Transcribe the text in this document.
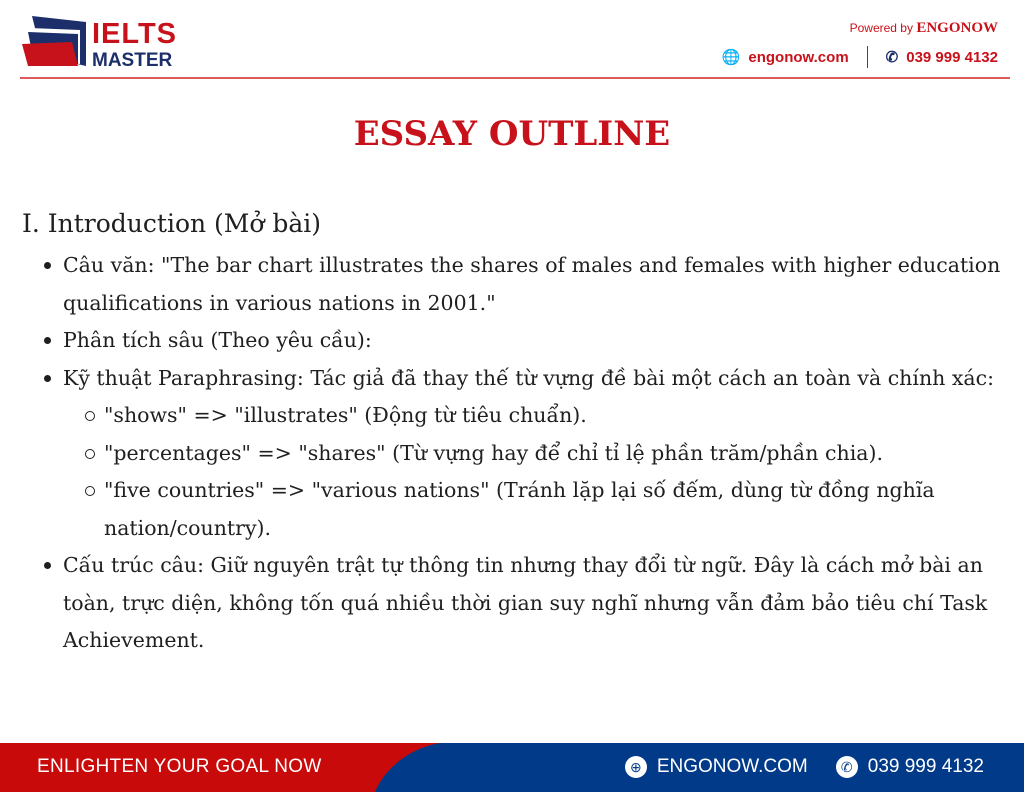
IELTS
MASTER
Powered by ENGONOW
🌐 engonow.com ✆ 039 999 4132
ESSAY OUTLINE
I. Introduction (Mở bài)
Câu văn: "The bar chart illustrates the shares of males and females with higher education qualifications in various nations in 2001."
Phân tích sâu (Theo yêu cầu):
Kỹ thuật Paraphrasing: Tác giả đã thay thế từ vựng đề bài một cách an toàn và chính xác:
"shows" => "illustrates" (Động từ tiêu chuẩn).
"percentages" => "shares" (Từ vựng hay để chỉ tỉ lệ phần trăm/phần chia).
"five countries" => "various nations" (Tránh lặp lại số đếm, dùng từ đồng nghĩa nation/country).
Cấu trúc câu: Giữ nguyên trật tự thông tin nhưng thay đổi từ ngữ. Đây là cách mở bài an toàn, trực diện, không tốn quá nhiều thời gian suy nghĩ nhưng vẫn đảm bảo tiêu chí Task Achievement.
ENLIGHTEN YOUR GOAL NOW	⊕ ENGONOW.COM	✆ 039 999 4132
